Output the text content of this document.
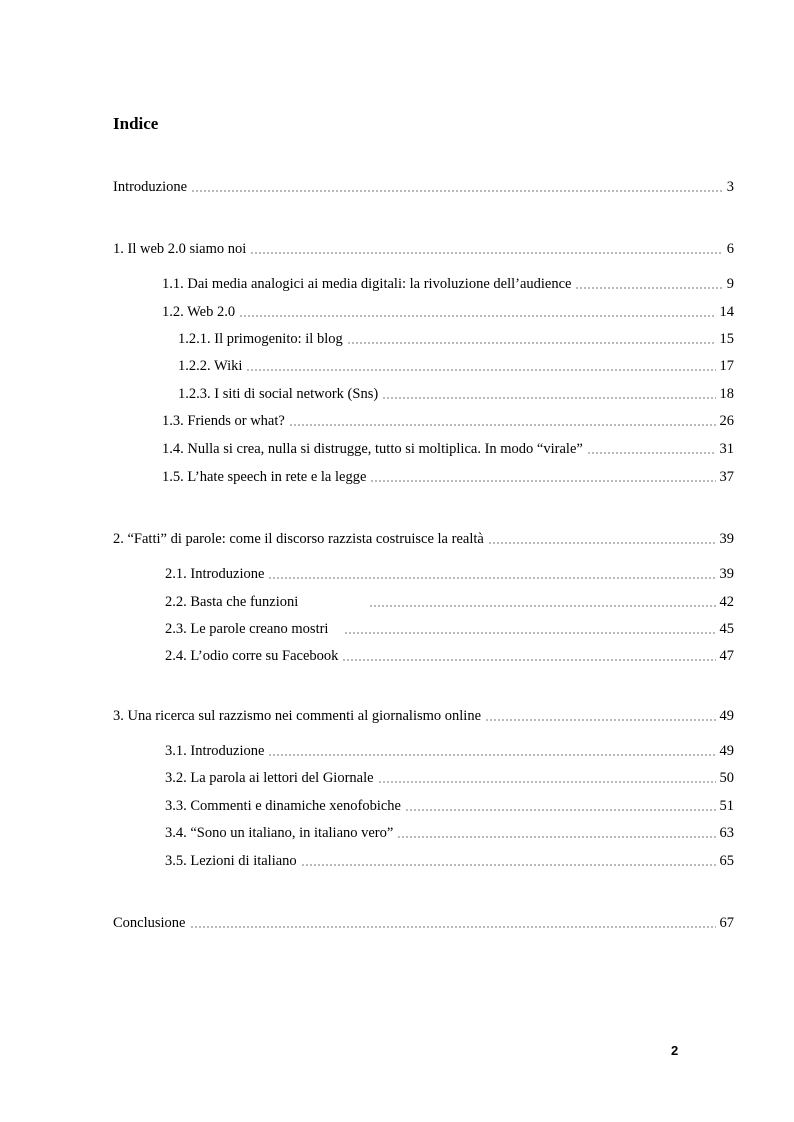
Indice
Introduzione	3
1. Il web 2.0 siamo noi	6
1.1. Dai media analogici ai media digitali: la rivoluzione dell’audience	9
1.2. Web 2.0	14
1.2.1. Il primogenito: il blog	15
1.2.2. Wiki	17
1.2.3. I siti di social network (Sns)	18
1.3. Friends or what?	26
1.4. Nulla si crea, nulla si distrugge, tutto si moltiplica. In modo “virale”	31
1.5. L’hate speech in rete e la legge	37
2. “Fatti” di parole: come il discorso razzista costruisce la realtà	39
2.1. Introduzione	39
2.2. Basta che funzioni	42
2.3. Le parole creano mostri	45
2.4. L’odio corre su Facebook	47
3. Una ricerca sul razzismo nei commenti al giornalismo online	49
3.1. Introduzione	49
3.2. La parola ai lettori del Giornale	50
3.3. Commenti e dinamiche xenofobiche	51
3.4. “Sono un italiano, in italiano vero”	63
3.5. Lezioni di italiano	65
Conclusione	67
2
